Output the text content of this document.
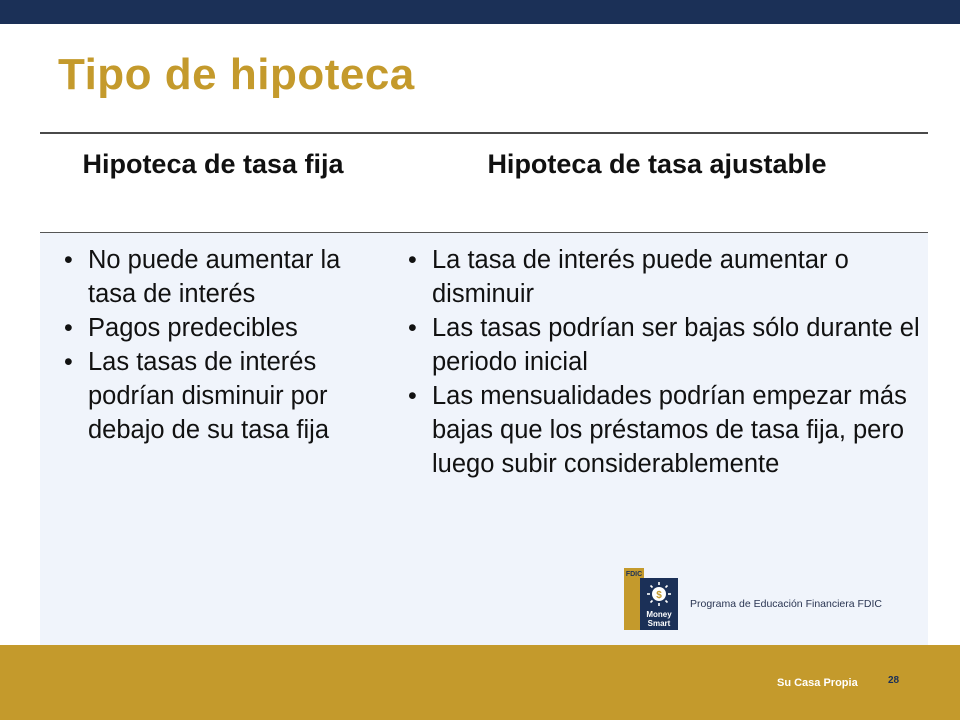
Tipo de hipoteca
Hipoteca de tasa fija	Hipoteca de tasa ajustable
• No puede aumentar la tasa de interés
• Pagos predecibles
• Las tasas de interés podrían disminuir por debajo de su tasa fija
• La tasa de interés puede aumentar o disminuir
• Las tasas podrían ser bajas sólo durante el periodo inicial
• Las mensualidades podrían empezar más bajas que los préstamos de tasa fija, pero luego subir considerablemente
FDIC
$
Money
Smart
Programa de Educación Financiera FDIC
Su Casa Propia	28
